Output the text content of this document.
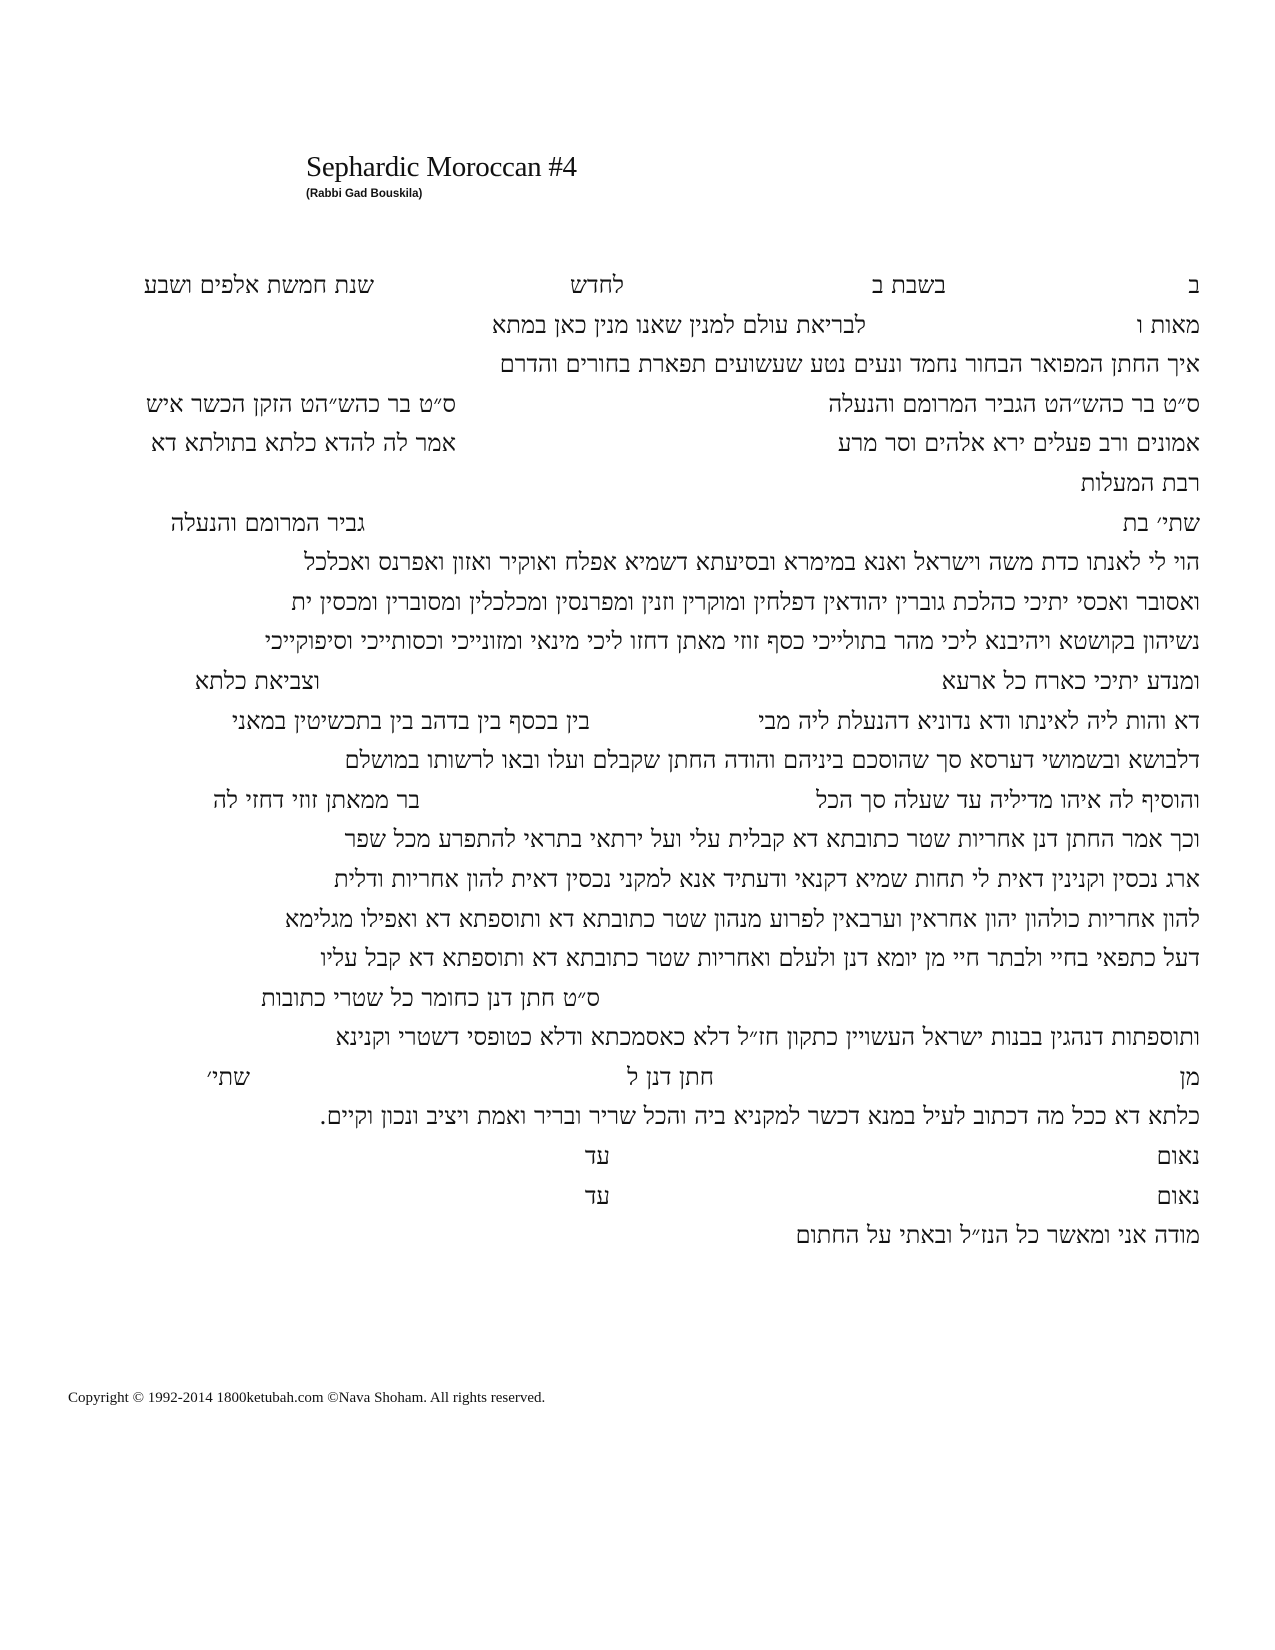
Sephardic Moroccan #4
(Rabbi Gad Bouskila)
ב
בשבת ב
לחדש
שנת חמשת אלפים ושבע
מאות ו
לבריאת עולם למנין שאנו מנין כאן במתא
איך החתן המפואר הבחור נחמד ונעים נטע שעשועים תפארת בחורים והדרם
ס״ט בר כהש״הט הגביר המרומם והנעלה
ס״ט בר כהש״הט הזקן הכשר איש
אמונים ורב פעלים ירא אלהים וסר מרע
אמר לה להדא כלתא בתולתא דא
רבת המעלות
שתי׳ בת
גביר המרומם והנעלה
הוי לי לאנתו כדת משה וישראל ואנא במימרא ובסיעתא דשמיא אפלח ואוקיר ואזון ואפרנס ואכלכל
ואסובר ואכסי יתיכי כהלכת גוברין יהודאין דפלחין ומוקרין וזנין ומפרנסין ומכלכלין ומסוברין ומכסין ית
נשיהון בקושטא ויהיבנא ליכי מהר בתולייכי כסף זוזי מאתן דחזו ליכי מינאי ומזונייכי וכסותייכי וסיפוקייכי
ומנדע יתיכי כארח כל ארעא
וצביאת כלתא
דא והות ליה לאינתו ודא נדוניא דהנעלת ליה מבי
בין בכסף בין בדהב בין בתכשיטין במאני
דלבושא ובשמושי דערסא סך שהוסכם ביניהם והודה החתן שקבלם ועלו ובאו לרשותו במושלם
והוסיף לה איהו מדיליה עד שעלה סך הכל
בר ממאתן זוזי דחזי לה
וכך אמר החתן דנן אחריות שטר כתובתא דא קבלית עלי ועל ירתאי בתראי להתפרע מכל שפר
ארג נכסין וקנינין דאית לי תחות שמיא דקנאי ודעתיד אנא למקני נכסין דאית להון אחריות ודלית
להון אחריות כולהון יהון אחראין וערבאין לפרוע מנהון שטר כתובתא דא ותוספתא דא ואפילו מגלימא
דעל כתפאי בחיי ולבתר חיי מן יומא דנן ולעלם ואחריות שטר כתובתא דא ותוספתא דא קבל עליו
ס״ט חתן דנן כחומר כל שטרי כתובות
ותוספתות דנהגין בבנות ישראל העשויין כתקון חז״ל דלא כאסמכתא ודלא כטופסי דשטרי וקנינא
מן
חתן דנן ל
שתי׳
כלתא דא ככל מה דכתוב לעיל במנא דכשר למקניא ביה והכל שריר ובריר ואמת ויציב ונכון וקיים.
נאום
עד
נאום
עד
מודה אני ומאשר כל הנז״ל ובאתי על החתום
Copyright © 1992-2014 1800ketubah.com ©Nava Shoham. All rights reserved.
